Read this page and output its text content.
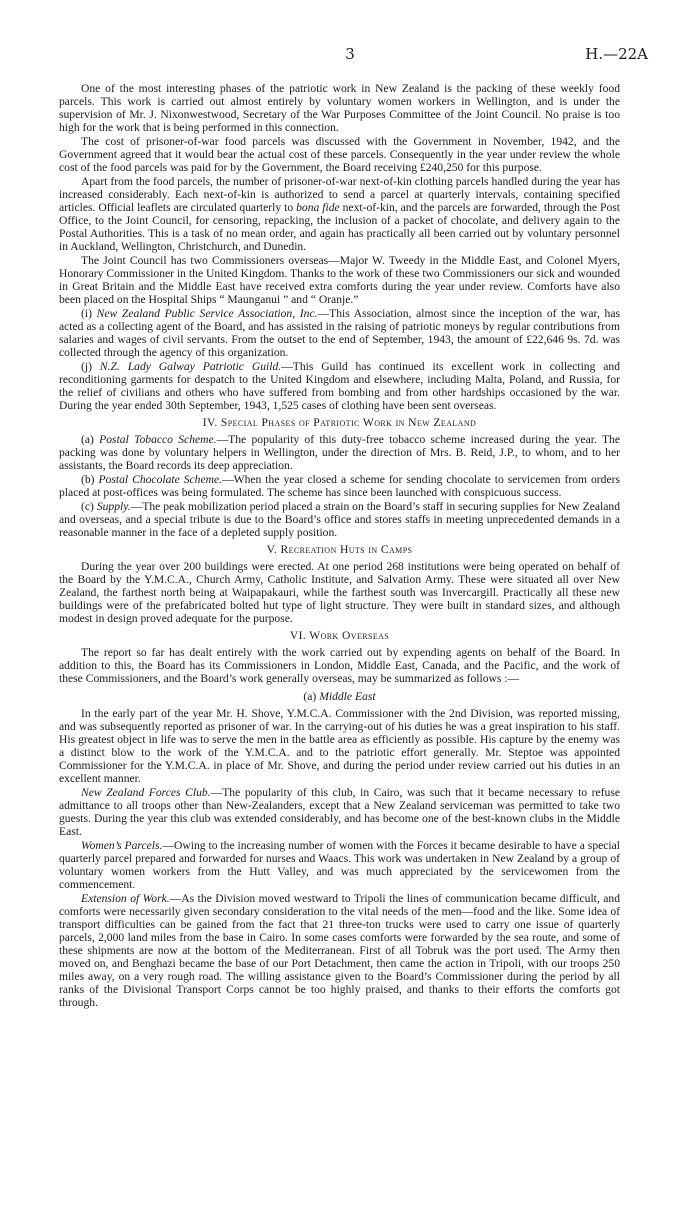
3	H.—22A

One of the most interesting phases of the patriotic work in New Zealand is the packing of these weekly food parcels. This work is carried out almost entirely by voluntary women workers in Wellington, and is under the supervision of Mr. J. Nixonwestwood, Secretary of the War Purposes Committee of the Joint Council. No praise is too high for the work that is being performed in this connection.

The cost of prisoner-of-war food parcels was discussed with the Government in November, 1942, and the Government agreed that it would bear the actual cost of these parcels. Consequently in the year under review the whole cost of the food parcels was paid for by the Government, the Board receiving £240,250 for this purpose.

Apart from the food parcels, the number of prisoner-of-war next-of-kin clothing parcels handled during the year has increased considerably. Each next-of-kin is authorized to send a parcel at quarterly intervals, containing specified articles. Official leaflets are circulated quarterly to bona fide next-of-kin, and the parcels are forwarded, through the Post Office, to the Joint Council, for censoring, repacking, the inclusion of a packet of chocolate, and delivery again to the Postal Authorities. This is a task of no mean order, and again has practically all been carried out by voluntary personnel in Auckland, Wellington, Christchurch, and Dunedin.

The Joint Council has two Commissioners overseas—Major W. Tweedy in the Middle East, and Colonel Myers, Honorary Commissioner in the United Kingdom. Thanks to the work of these two Commissioners our sick and wounded in Great Britain and the Middle East have received extra comforts during the year under review. Comforts have also been placed on the Hospital Ships “ Maunganui ” and “ Oranje.”

(i) New Zealand Public Service Association, Inc.—This Association, almost since the inception of the war, has acted as a collecting agent of the Board, and has assisted in the raising of patriotic moneys by regular contributions from salaries and wages of civil servants. From the outset to the end of September, 1943, the amount of £22,646 9s. 7d. was collected through the agency of this organization.

(j) N.Z. Lady Galway Patriotic Guild.—This Guild has continued its excellent work in collecting and reconditioning garments for despatch to the United Kingdom and elsewhere, including Malta, Poland, and Russia, for the relief of civilians and others who have suffered from bombing and from other hardships occasioned by the war. During the year ended 30th September, 1943, 1,525 cases of clothing have been sent overseas.

IV. Special Phases of Patriotic Work in New Zealand

(a) Postal Tobacco Scheme.—The popularity of this duty-free tobacco scheme increased during the year. The packing was done by voluntary helpers in Wellington, under the direction of Mrs. B. Reid, J.P., to whom, and to her assistants, the Board records its deep appreciation.

(b) Postal Chocolate Scheme.—When the year closed a scheme for sending chocolate to servicemen from orders placed at post-offices was being formulated. The scheme has since been launched with conspicuous success.

(c) Supply.—The peak mobilization period placed a strain on the Board’s staff in securing supplies for New Zealand and overseas, and a special tribute is due to the Board’s office and stores staffs in meeting unprecedented demands in a reasonable manner in the face of a depleted supply position.

V. Recreation Huts in Camps

During the year over 200 buildings were erected. At one period 268 institutions were being operated on behalf of the Board by the Y.M.C.A., Church Army, Catholic Institute, and Salvation Army. These were situated all over New Zealand, the farthest north being at Waipapakauri, while the farthest south was Invercargill. Practically all these new buildings were of the prefabricated bolted hut type of light structure. They were built in standard sizes, and although modest in design proved adequate for the purpose.

VI. Work Overseas

The report so far has dealt entirely with the work carried out by expending agents on behalf of the Board. In addition to this, the Board has its Commissioners in London, Middle East, Canada, and the Pacific, and the work of these Commissioners, and the Board’s work generally overseas, may be summarized as follows :—

(a) Middle East

In the early part of the year Mr. H. Shove, Y.M.C.A. Commissioner with the 2nd Division, was reported missing, and was subsequently reported as prisoner of war. In the carrying-out of his duties he was a great inspiration to his staff. His greatest object in life was to serve the men in the battle area as efficiently as possible. His capture by the enemy was a distinct blow to the work of the Y.M.C.A. and to the patriotic effort generally. Mr. Steptoe was appointed Commissioner for the Y.M.C.A. in place of Mr. Shove, and during the period under review carried out his duties in an excellent manner.

New Zealand Forces Club.—The popularity of this club, in Cairo, was such that it became necessary to refuse admittance to all troops other than New-Zealanders, except that a New Zealand serviceman was permitted to take two guests. During the year this club was extended considerably, and has become one of the best-known clubs in the Middle East.

Women’s Parcels.—Owing to the increasing number of women with the Forces it became desirable to have a special quarterly parcel prepared and forwarded for nurses and Waacs. This work was undertaken in New Zealand by a group of voluntary women workers from the Hutt Valley, and was much appreciated by the servicewomen from the commencement.

Extension of Work.—As the Division moved westward to Tripoli the lines of communication became difficult, and comforts were necessarily given secondary consideration to the vital needs of the men—food and the like. Some idea of transport difficulties can be gained from the fact that 21 three-ton trucks were used to carry one issue of quarterly parcels, 2,000 land miles from the base in Cairo. In some cases comforts were forwarded by the sea route, and some of these shipments are now at the bottom of the Mediterranean. First of all Tobruk was the port used. The Army then moved on, and Benghazi became the base of our Port Detachment, then came the action in Tripoli, with our troops 250 miles away, on a very rough road. The willing assistance given to the Board’s Commissioner during the period by all ranks of the Divisional Transport Corps cannot be too highly praised, and thanks to their efforts the comforts got through.
